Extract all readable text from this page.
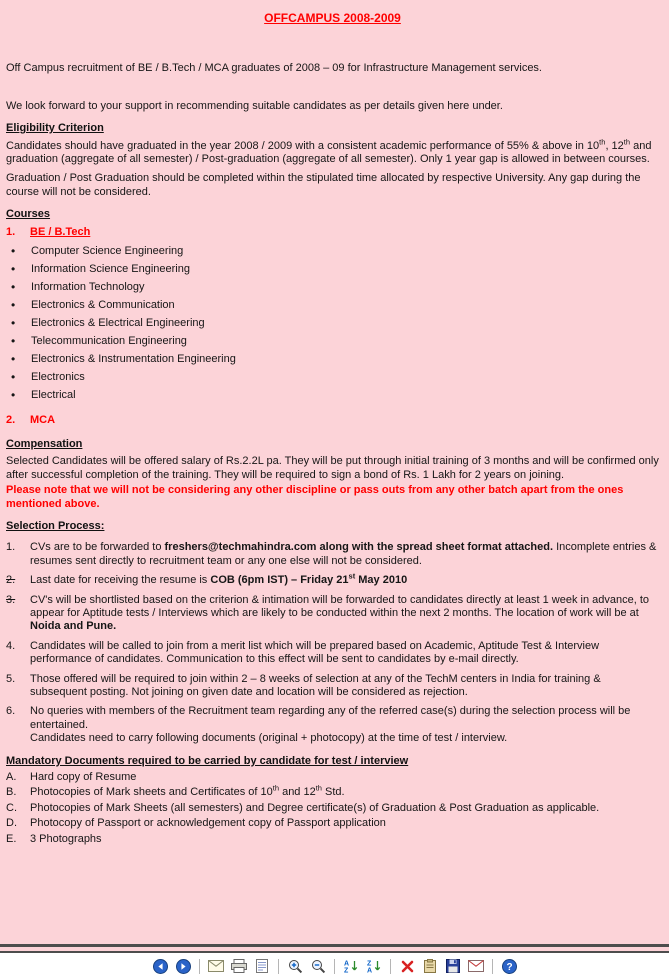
OFFCAMPUS 2008-2009

Off Campus recruitment of BE / B.Tech / MCA graduates of 2008 – 09 for Infrastructure Management services.

We look forward to your support in recommending suitable candidates as per details given here under.

Eligibility Criterion

Candidates should have graduated in the year 2008 / 2009 with a consistent academic performance of 55% & above in 10th, 12th and graduation (aggregate of all semester) / Post-graduation (aggregate of all semester). Only 1 year gap is allowed in between courses.

Graduation / Post Graduation should be completed within the stipulated time allocated by respective University. Any gap during the course will not be considered.

Courses
1.	BE / B.Tech
• Computer Science Engineering
• Information Science Engineering
• Information Technology
• Electronics & Communication
• Electronics & Electrical Engineering
• Telecommunication Engineering
• Electronics & Instrumentation Engineering
• Electronics
• Electrical
2.	MCA
Compensation

Selected Candidates will be offered salary of Rs.2.2L pa. They will be put through initial training of 3 months and will be confirmed only after successful completion of the training. They will be required to sign a bond of Rs. 1 Lakh for 2 years on joining.

Please note that we will not be considering any other discipline or pass outs from any other batch apart from the ones mentioned above.

Selection Process:
1.	CVs are to be forwarded to freshers@techmahindra.com along with the spread sheet format attached. Incomplete entries & resumes sent directly to recruitment team or any one else will not be considered.
2.	Last date for receiving the resume is COB (6pm IST) – Friday 21st May 2010
3.	CV's will be shortlisted based on the criterion & intimation will be forwarded to candidates directly at least 1 week in advance, to appear for Aptitude tests / Interviews which are likely to be conducted within the next 2 months. The location of work will be at Noida and Pune.
4.	Candidates will be called to join from a merit list which will be prepared based on Academic, Aptitude Test & Interview performance of candidates. Communication to this effect will be sent to candidates by e-mail directly.
5.	Those offered will be required to join within 2 – 8 weeks of selection at any of the TechM centers in India for training & subsequent posting. Not joining on given date and location will be considered as rejection.
6.	No queries with members of the Recruitment team regarding any of the referred case(s) during the selection process will be entertained.
Candidates need to carry following documents (original + photocopy) at the time of test / interview.
Mandatory Documents required to be carried by candidate for test / interview
A.	Hard copy of Resume
B.	Photocopies of Mark sheets and Certificates of 10th and 12th Std.
C.	Photocopies of Mark Sheets (all semesters) and Degree certificate(s) of Graduation & Post Graduation as applicable.
D.	Photocopy of Passport or acknowledgement copy of Passport application
E.	3 Photographs
A
Z
Z
A	?
